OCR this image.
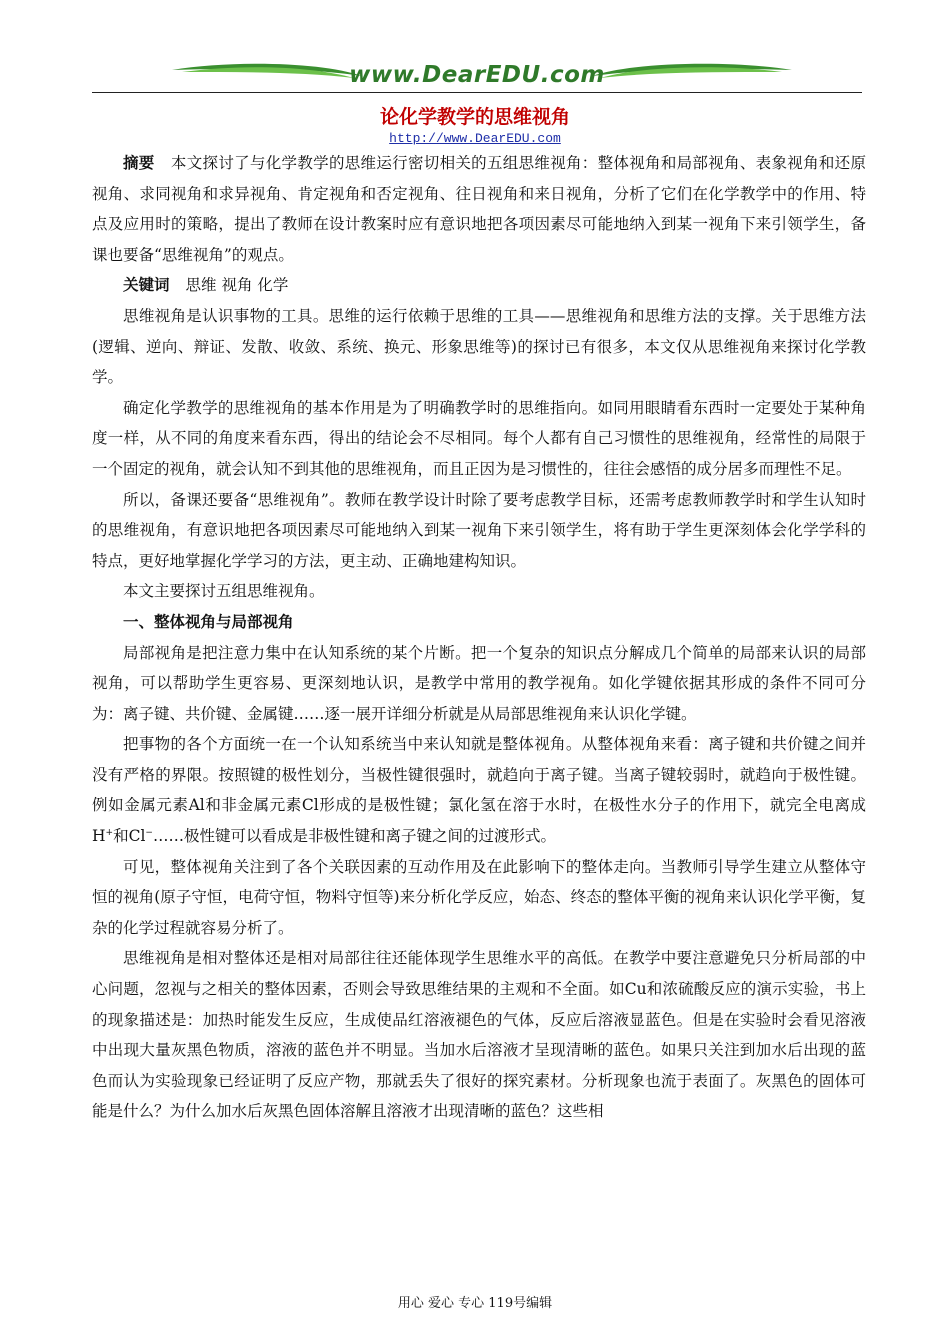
www.DearEDU.com
论化学教学的思维视角
http://www.DearEDU.com

摘要 本文探讨了与化学教学的思维运行密切相关的五组思维视角：整体视角和局部视角、表象视角和还原视角、求同视角和求异视角、肯定视角和否定视角、往日视角和来日视角，分析了它们在化学教学中的作用、特点及应用时的策略，提出了教师在设计教案时应有意识地把各项因素尽可能地纳入到某一视角下来引领学生，备课也要备“思维视角”的观点。

关键词 思维 视角 化学

思维视角是认识事物的工具。思维的运行依赖于思维的工具——思维视角和思维方法的支撑。关于思维方法(逻辑、逆向、辩证、发散、收敛、系统、换元、形象思维等)的探讨已有很多，本文仅从思维视角来探讨化学教学。

确定化学教学的思维视角的基本作用是为了明确教学时的思维指向。如同用眼睛看东西时一定要处于某种角度一样，从不同的角度来看东西，得出的结论会不尽相同。每个人都有自己习惯性的思维视角，经常性的局限于一个固定的视角，就会认知不到其他的思维视角，而且正因为是习惯性的，往往会感悟的成分居多而理性不足。

所以，备课还要备“思维视角”。教师在教学设计时除了要考虑教学目标，还需考虑教师教学时和学生认知时的思维视角，有意识地把各项因素尽可能地纳入到某一视角下来引领学生，将有助于学生更深刻体会化学学科的特点，更好地掌握化学学习的方法，更主动、正确地建构知识。

本文主要探讨五组思维视角。

一、整体视角与局部视角

局部视角是把注意力集中在认知系统的某个片断。把一个复杂的知识点分解成几个简单的局部来认识的局部视角，可以帮助学生更容易、更深刻地认识，是教学中常用的教学视角。如化学键依据其形成的条件不同可分为：离子键、共价键、金属键……逐一展开详细分析就是从局部思维视角来认识化学键。

把事物的各个方面统一在一个认知系统当中来认知就是整体视角。从整体视角来看：离子键和共价键之间并没有严格的界限。按照键的极性划分，当极性键很强时，就趋向于离子键。当离子键较弱时，就趋向于极性键。例如金属元素Al和非金属元素Cl形成的是极性键；氯化氢在溶于水时，在极性水分子的作用下，就完全电离成H+和Cl−……极性键可以看成是非极性键和离子键之间的过渡形式。

可见，整体视角关注到了各个关联因素的互动作用及在此影响下的整体走向。当教师引导学生建立从整体守恒的视角(原子守恒，电荷守恒，物料守恒等)来分析化学反应，始态、终态的整体平衡的视角来认识化学平衡，复杂的化学过程就容易分析了。

思维视角是相对整体还是相对局部往往还能体现学生思维水平的高低。在教学中要注意避免只分析局部的中心问题，忽视与之相关的整体因素，否则会导致思维结果的主观和不全面。如Cu和浓硫酸反应的演示实验，书上的现象描述是：加热时能发生反应，生成使品红溶液褪色的气体，反应后溶液显蓝色。但是在实验时会看见溶液中出现大量灰黑色物质，溶液的蓝色并不明显。当加水后溶液才呈现清晰的蓝色。如果只关注到加水后出现的蓝色而认为实验现象已经证明了反应产物，那就丢失了很好的探究素材。分析现象也流于表面了。灰黑色的固体可能是什么？为什么加水后灰黑色固体溶解且溶液才出现清晰的蓝色？这些相

用心 爱心 专心 119号编辑
